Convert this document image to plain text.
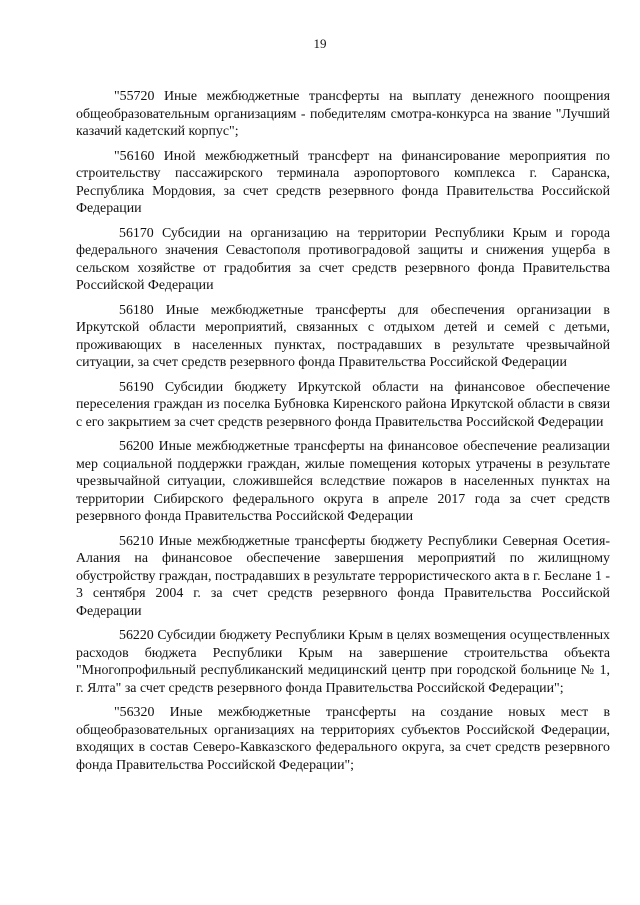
19

"55720 Иные межбюджетные трансферты на выплату денежного поощрения общеобразовательным организациям - победителям смотра-конкурса на звание "Лучший казачий кадетский корпус";

"56160 Иной межбюджетный трансферт на финансирование мероприятия по строительству пассажирского терминала аэропортового комплекса г. Саранска, Республика Мордовия, за счет средств резервного фонда Правительства Российской Федерации

56170 Субсидии на организацию на территории Республики Крым и города федерального значения Севастополя противоградовой защиты и снижения ущерба в сельском хозяйстве от градобития за счет средств резервного фонда Правительства Российской Федерации

56180 Иные межбюджетные трансферты для обеспечения организации в Иркутской области мероприятий, связанных с отдыхом детей и семей с детьми, проживающих в населенных пунктах, пострадавших в результате чрезвычайной ситуации, за счет средств резервного фонда Правительства Российской Федерации

56190 Субсидии бюджету Иркутской области на финансовое обеспечение переселения граждан из поселка Бубновка Киренского района Иркутской области в связи с его закрытием за счет средств резервного фонда Правительства Российской Федерации

56200 Иные межбюджетные трансферты на финансовое обеспечение реализации мер социальной поддержки граждан, жилые помещения которых утрачены в результате чрезвычайной ситуации, сложившейся вследствие пожаров в населенных пунктах на территории Сибирского федерального округа в апреле 2017 года за счет средств резервного фонда Правительства Российской Федерации

56210 Иные межбюджетные трансферты бюджету Республики Северная Осетия-Алания на финансовое обеспечение завершения мероприятий по жилищному обустройству граждан, пострадавших в результате террористического акта в г. Беслане 1 - 3 сентября 2004 г. за счет средств резервного фонда Правительства Российской Федерации

56220 Субсидии бюджету Республики Крым в целях возмещения осуществленных расходов бюджета Республики Крым на завершение строительства объекта "Многопрофильный республиканский медицинский центр при городской больнице № 1, г. Ялта" за счет средств резервного фонда Правительства Российской Федерации";

"56320 Иные межбюджетные трансферты на создание новых мест в общеобразовательных организациях на территориях субъектов Российской Федерации, входящих в состав Северо-Кавказского федерального округа, за счет средств резервного фонда Правительства Российской Федерации";
